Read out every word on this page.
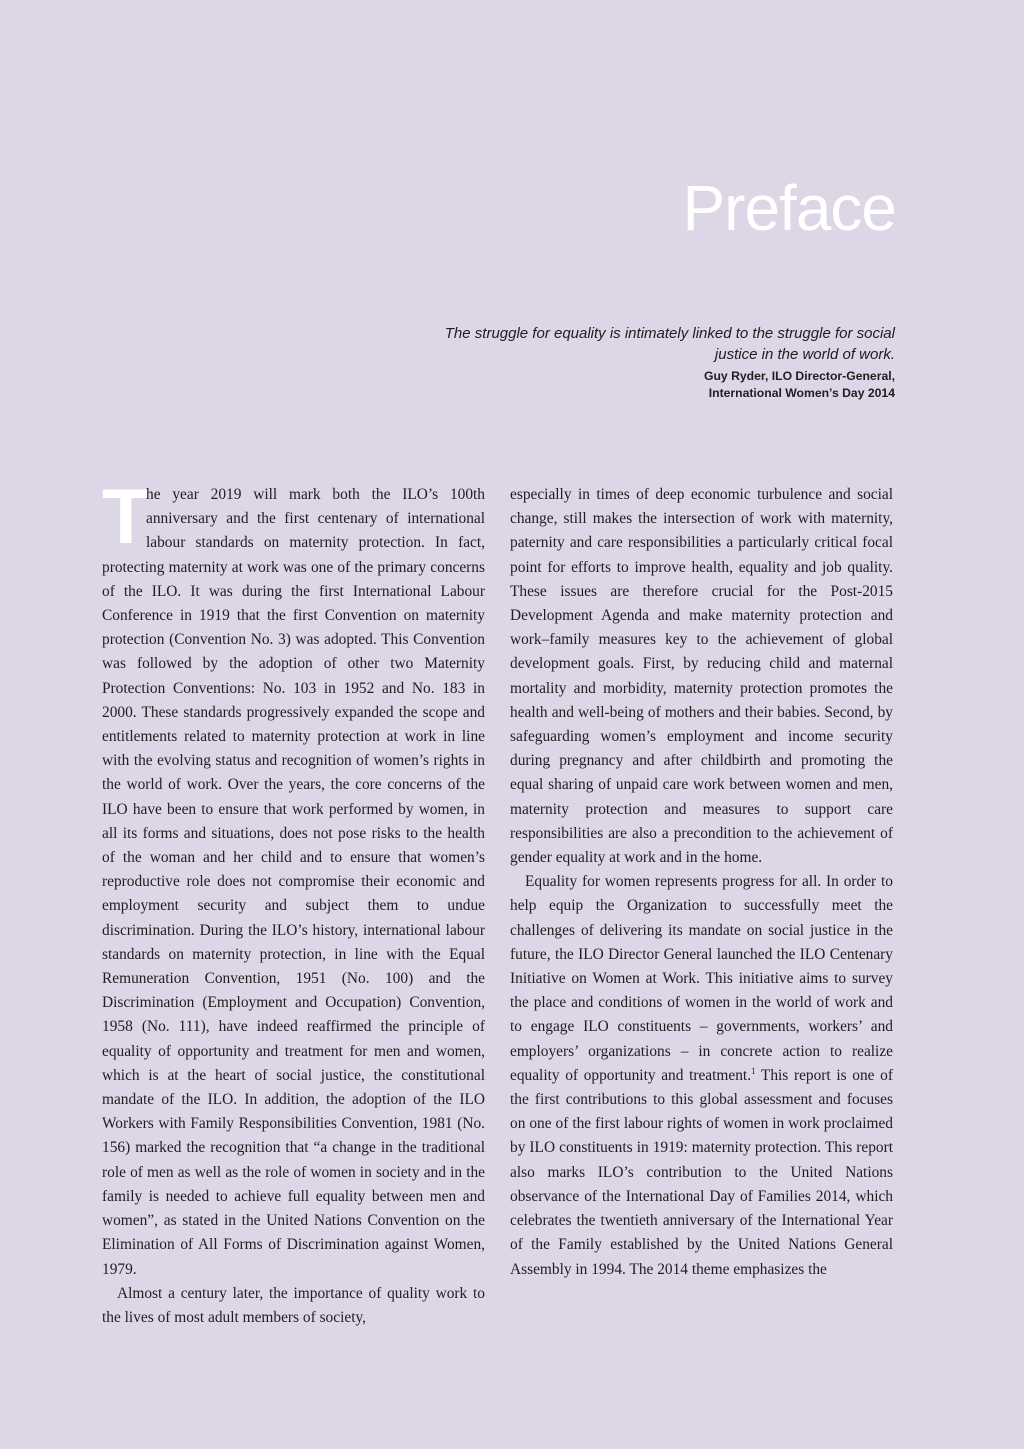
Preface

The struggle for equality is intimately linked to the struggle for social justice in the world of work.

Guy Ryder, ILO Director-General,
International Women’s Day 2014

T
he year 2019 will mark both the ILO’s 100th anniversary and the first centenary of international labour standards on maternity protection. In fact, protecting maternity at work was one of the primary concerns of the ILO. It was during the first International Labour Conference in 1919 that the first Convention on maternity protection (Convention No. 3) was adopted. This Convention was followed by the adoption of other two Maternity Protection Conventions: No. 103 in 1952 and No. 183 in 2000. These standards progressively expanded the scope and entitlements related to maternity protection at work in line with the evolving status and recognition of women’s rights in the world of work. Over the years, the core concerns of the ILO have been to ensure that work performed by women, in all its forms and situations, does not pose risks to the health of the woman and her child and to ensure that women’s reproductive role does not compromise their economic and employment security and subject them to undue discrimination. During the ILO’s history, international labour standards on maternity protection, in line with the Equal Remuneration Convention, 1951 (No. 100) and the Discrimination (Employment and Occupation) Convention, 1958 (No. 111), have indeed reaffirmed the principle of equality of opportunity and treatment for men and women, which is at the heart of social justice, the constitutional mandate of the ILO. In addition, the adoption of the ILO Workers with Family Responsibilities Convention, 1981 (No. 156) marked the recognition that “a change in the traditional role of men as well as the role of women in society and in the family is needed to achieve full equality between men and women”, as stated in the United Nations Convention on the Elimination of All Forms of Discrimination against Women, 1979.

Almost a century later, the importance of quality work to the lives of most adult members of society,

especially in times of deep economic turbulence and social change, still makes the intersection of work with maternity, paternity and care responsibilities a particularly critical focal point for efforts to improve health, equality and job quality. These issues are therefore crucial for the Post-2015 Development Agenda and make maternity protection and work–family measures key to the achievement of global development goals. First, by reducing child and maternal mortality and morbidity, maternity protection promotes the health and well-being of mothers and their babies. Second, by safeguarding women’s employment and income security during pregnancy and after childbirth and promoting the equal sharing of unpaid care work between women and men, maternity protection and measures to support care responsibilities are also a precondition to the achievement of gender equality at work and in the home.

Equality for women represents progress for all. In order to help equip the Organization to successfully meet the challenges of delivering its mandate on social justice in the future, the ILO Director General launched the ILO Centenary Initiative on Women at Work. This initiative aims to survey the place and conditions of women in the world of work and to engage ILO constituents – governments, workers’ and employers’ organizations – in concrete action to realize equality of opportunity and treatment.$^1$ This report is one of the first contributions to this global assessment and focuses on one of the first labour rights of women in work proclaimed by ILO constituents in 1919: maternity protection. This report also marks ILO’s contribution to the United Nations observance of the International Day of Families 2014, which celebrates the twentieth anniversary of the International Year of the Family established by the United Nations General Assembly in 1994. The 2014 theme emphasizes the
